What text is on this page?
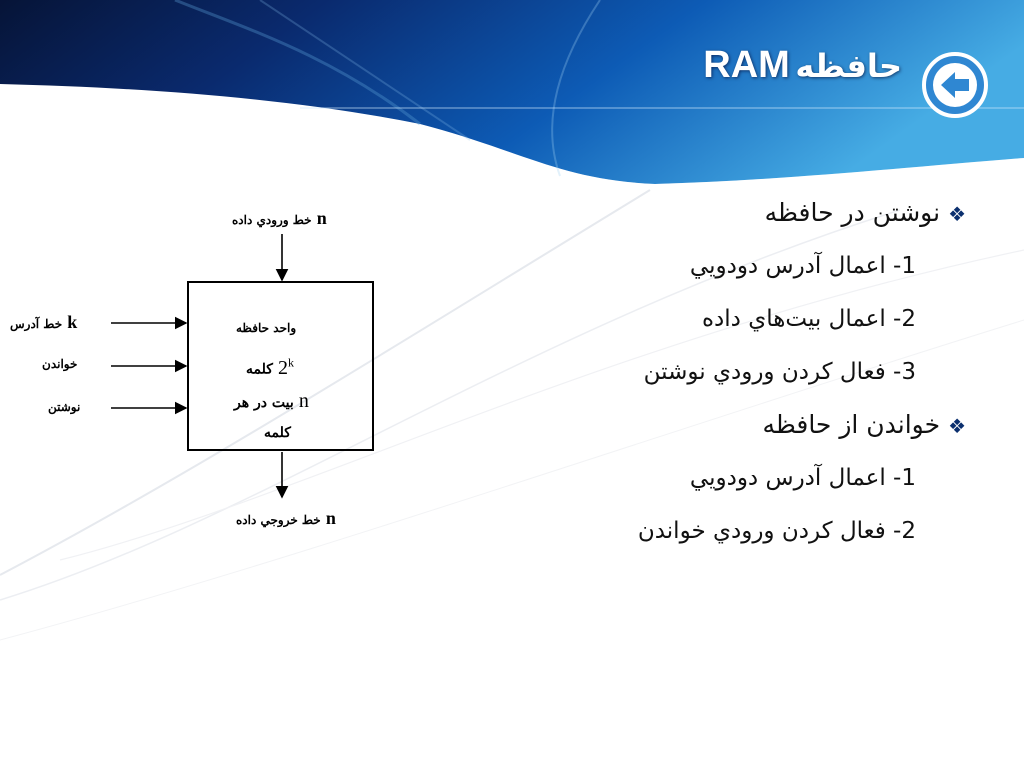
حافظه RAM
❖نوشتن در حافظه
1- اعمال آدرس دودويي
2- اعمال بيت‌هاي داده
3- فعال كردن ورودي نوشتن
❖خواندن از حافظه
1- اعمال آدرس دودويي
2- فعال كردن ورودي خواندن
n خط ورودي داده
k خط آدرس
خواندن
نوشتن
واحد حافظه
2$^k$ كلمه
n بيت در هر
كلمه
n خط خروجي داده
